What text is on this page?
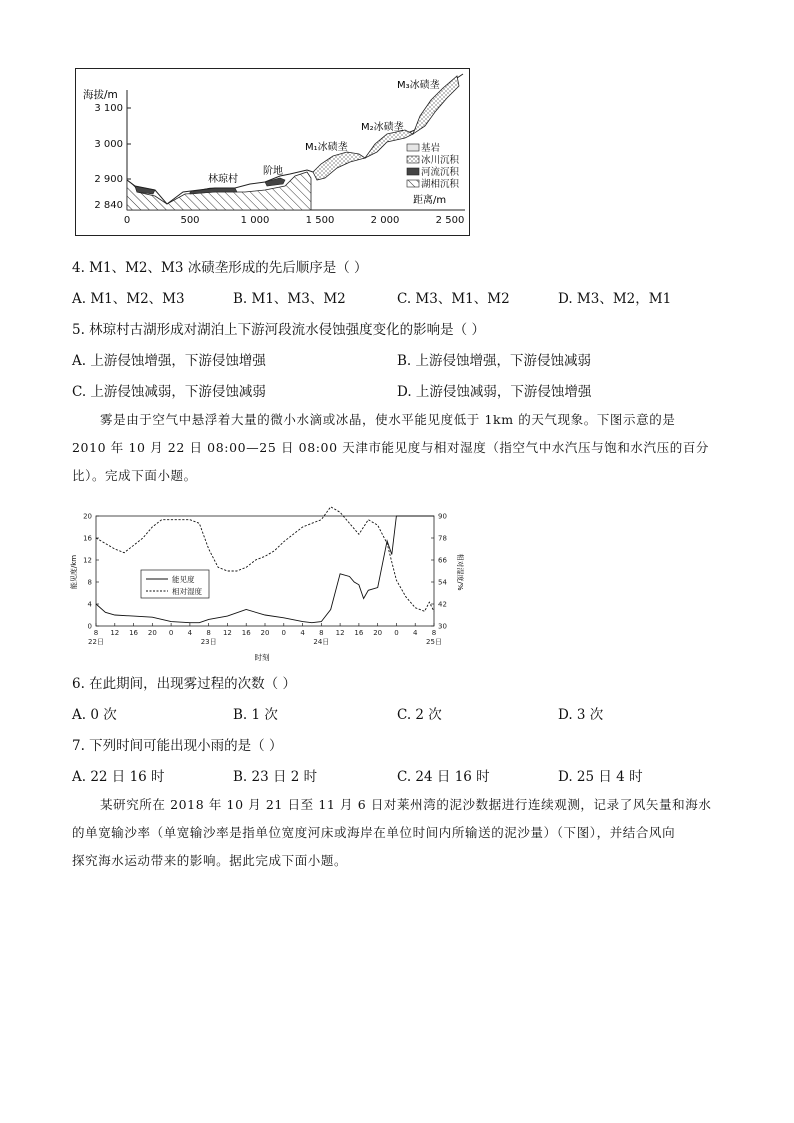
3 100
3 000
2 900
2 840
海拔/m
0	500	1 000	1 500	2 000	2 500
距离/m
林琼村
阶地
M₁冰碛垄
M₂冰碛垄
M₃冰碛垄
基岩
冰川沉积
河流沉积
湖相沉积
4. M1、M2、M3 冰碛垄形成的先后顺序是（ ）
A. M1、M2、M3	B. M1、M3、M2	C. M3、M1、M2	D. M3、M2，M1
5. 林琼村古湖形成对湖泊上下游河段流水侵蚀强度变化的影响是（ ）
A. 上游侵蚀增强，下游侵蚀增强	B. 上游侵蚀增强，下游侵蚀减弱
C. 上游侵蚀减弱，下游侵蚀减弱	D. 上游侵蚀减弱，下游侵蚀增强

雾是由于空气中悬浮着大量的微小水滴或冰晶，使水平能见度低于 1km 的天气现象。下图示意的是

2010 年 10 月 22 日 08:00—25 日 08:00 天津市能见度与相对湿度（指空气中水汽压与饱和水汽压的百分

比）。完成下面小题。

20
16
12
8
4
0
90
78
66
54
42
30
8 12 16 20 0 4 8 12 16 20 0 4 8 12 16 20 0 4 8
22日	23日	24日	25日
能见度
相对湿度
能见度/km	相对湿度/%
时刻
6. 在此期间，出现雾过程的次数（ ）
A. 0 次	B. 1 次	C. 2 次	D. 3 次
7. 下列时间可能出现小雨的是（ ）
A. 22 日 16 时	B. 23 日 2 时	C. 24 日 16 时	D. 25 日 4 时

某研究所在 2018 年 10 月 21 日至 11 月 6 日对莱州湾的泥沙数据进行连续观测，记录了风矢量和海水

的单宽输沙率（单宽输沙率是指单位宽度河床或海岸在单位时间内所输送的泥沙量）（下图），并结合风向

探究海水运动带来的影响。据此完成下面小题。
